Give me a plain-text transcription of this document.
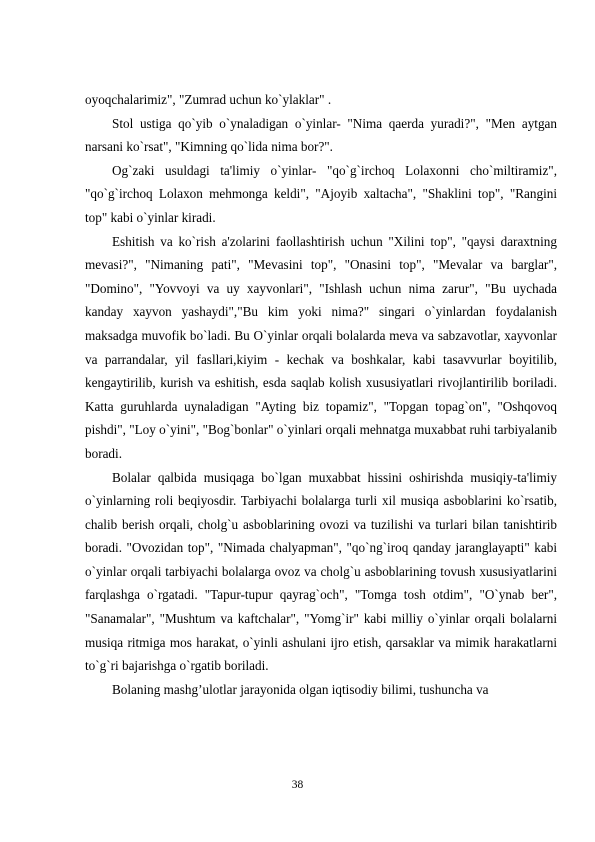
oyoqchalarimiz", "Zumrad uchun ko`ylaklar" .

Stol ustiga qo`yib o`ynaladigan o`yinlar- "Nima qaerda yuradi?", "Men aytgan narsani ko`rsat", "Kimning qo`lida nima bor?".

Og`zaki usuldagi ta'limiy o`yinlar- "qo`g`irchoq Lolaxonni cho`miltiramiz", "qo`g`irchoq Lolaxon mehmonga keldi", "Ajoyib xaltacha", "Shaklini top", "Rangini top" kabi o`yinlar kiradi.

Eshitish va ko`rish a'zolarini faollashtirish uchun "Xilini top", "qaysi daraxtning mevasi?", "Nimaning pati", "Mevasini top", "Onasini top", "Mevalar va barglar", "Domino", "Yovvoyi va uy xayvonlari", "Ishlash uchun nima zarur", "Bu uychada kanday xayvon yashaydi","Bu kim yoki nima?" singari o`yinlardan foydalanish maksadga muvofik bo`ladi. Bu O`yinlar orqali bolalarda meva va sabzavotlar, xayvonlar va parrandalar, yil fasllari,kiyim - kechak va boshkalar, kabi tasavvurlar boyitilib, kengaytirilib, kurish va eshitish, esda saqlab kolish xususiyatlari rivojlantirilib boriladi. Katta guruhlarda uynaladigan "Ayting biz topamiz", "Topgan topag`on", "Oshqovoq pishdi", "Loy o`yini", "Bog`bonlar" o`yinlari orqali mehnatga muxabbat ruhi tarbiyalanib boradi.

Bolalar qalbida musiqaga bo`lgan muxabbat hissini oshirishda musiqiy-ta'limiy o`yinlarning roli beqiyosdir. Tarbiyachi bolalarga turli xil musiqa asboblarini ko`rsatib, chalib berish orqali, cholg`u asboblarining ovozi va tuzilishi va turlari bilan tanishtirib boradi. "Ovozidan top", "Nimada chalyapman", "qo`ng`iroq qanday jaranglayapti" kabi o`yinlar orqali tarbiyachi bolalarga ovoz va cholg`u asboblarining tovush xususiyatlarini farqlashga o`rgatadi. "Tapur-tupur qayrag`och", "Tomga tosh otdim", "O`ynab ber", "Sanamalar", "Mushtum va kaftchalar", "Yomg`ir" kabi milliy o`yinlar orqali bolalarni musiqa ritmiga mos harakat, o`yinli ashulani ijro etish, qarsaklar va mimik harakatlarni to`g`ri bajarishga o`rgatib boriladi.

Bolaning mashg’ulotlar jarayonida olgan iqtisodiy bilimi, tushuncha va

38
